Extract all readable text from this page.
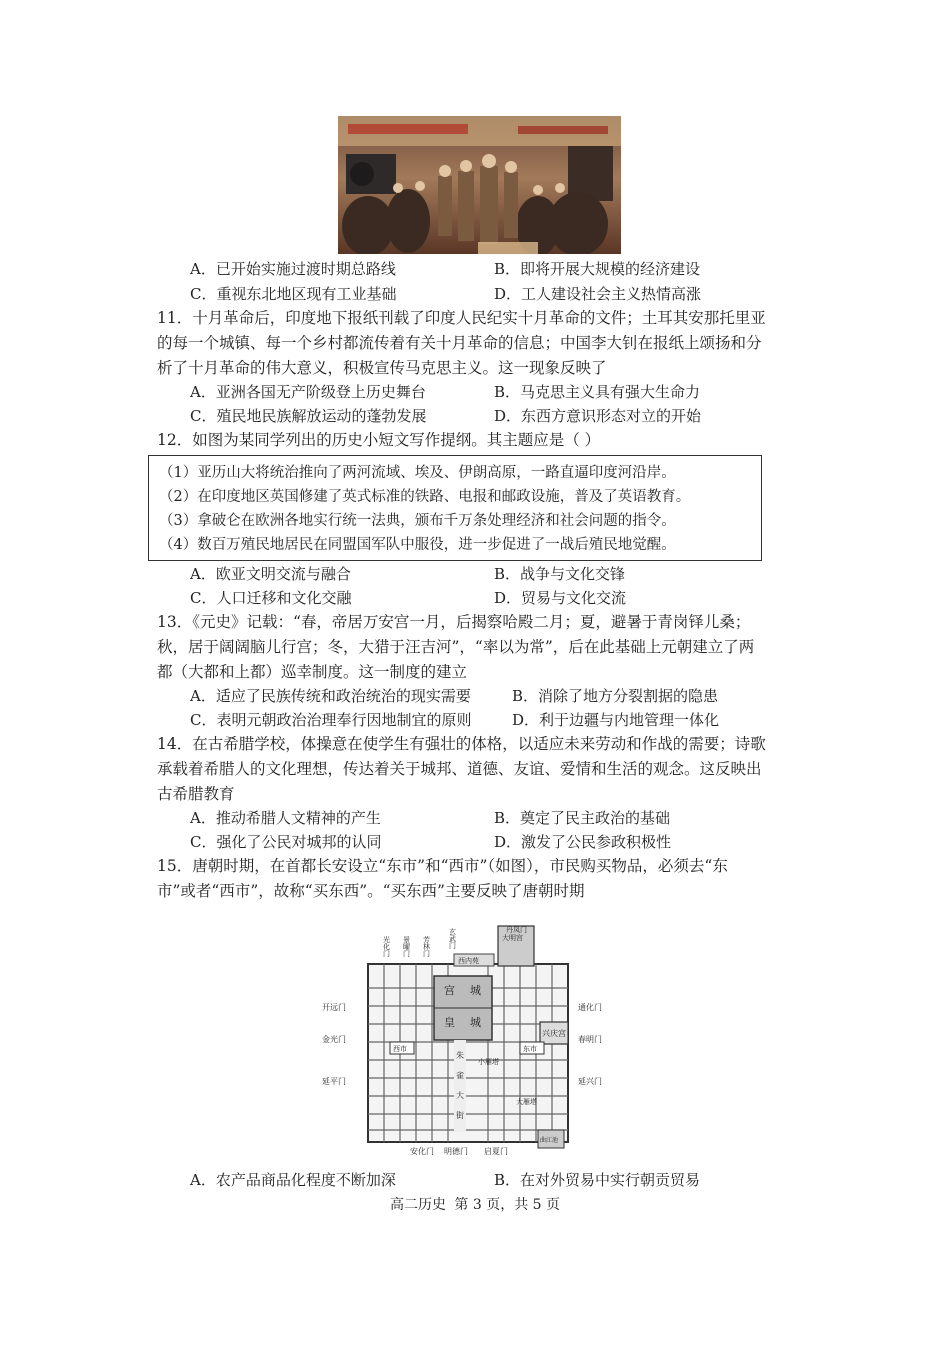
A．已开始实施过渡时期总路线	B．即将开展大规模的经济建设
C．重视东北地区现有工业基础	D．工人建设社会主义热情高涨
11．十月革命后，印度地下报纸刊载了印度人民纪实十月革命的文件；土耳其安那托里亚
的每一个城镇、每一个乡村都流传着有关十月革命的信息；中国李大钊在报纸上颂扬和分
析了十月革命的伟大意义，积极宣传马克思主义。这一现象反映了
A．亚洲各国无产阶级登上历史舞台	B．马克思主义具有强大生命力
C．殖民地民族解放运动的蓬勃发展	D．东西方意识形态对立的开始
12．如图为某同学列出的历史小短文写作提纲。其主题应是（ ）
（1）亚历山大将统治推向了两河流域、埃及、伊朗高原，一路直逼印度河沿岸。
（2）在印度地区英国修建了英式标准的铁路、电报和邮政设施，普及了英语教育。
（3）拿破仑在欧洲各地实行统一法典，颁布千万条处理经济和社会问题的指令。
（4）数百万殖民地居民在同盟国军队中服役，进一步促进了一战后殖民地觉醒。
A．欧亚文明交流与融合	B．战争与文化交锋
C．人口迁移和文化交融	D．贸易与文化交流
13．《元史》记载：“春，帝居万安宫一月，后揭察哈殿二月；夏，避暑于青岗铎儿桑；
秋，居于阔阔脑儿行宫；冬，大猎于汪吉河”，“率以为常”，后在此基础上元朝建立了两
都（大都和上都）巡幸制度。这一制度的建立
A．适应了民族传统和政治统治的现实需要	B．消除了地方分裂割据的隐患
C．表明元朝政治治理奉行因地制宜的原则	D．利于边疆与内地管理一体化
14．在古希腊学校，体操意在使学生有强壮的体格，以适应未来劳动和作战的需要；诗歌
承载着希腊人的文化理想，传达着关于城邦、道德、友谊、爱情和生活的观念。这反映出
古希腊教育
A．推动希腊人文精神的产生	B．奠定了民主政治的基础
C．强化了公民对城邦的认同	D．激发了公民参政积极性
15．唐朝时期，在首都长安设立“东市”和“西市”（如图），市民购买物品，必须去“东
市”或者“西市”，故称“买东西”。“买东西”主要反映了唐朝时期
宫 城
皇 城
西内苑
大明宫
丹凤门
兴庆宫
西市	东市
小雁塔
大雁塔
朱
雀
大
街
曲江池
光化门 景曜门 芳林门	玄武门
开远门
金光门
延平门
通化门
春明门
延兴门
安化门 明德门 启夏门
A．农产品商品化程度不断加深	B．在对外贸易中实行朝贡贸易
高二历史 第 3 页，共 5 页
